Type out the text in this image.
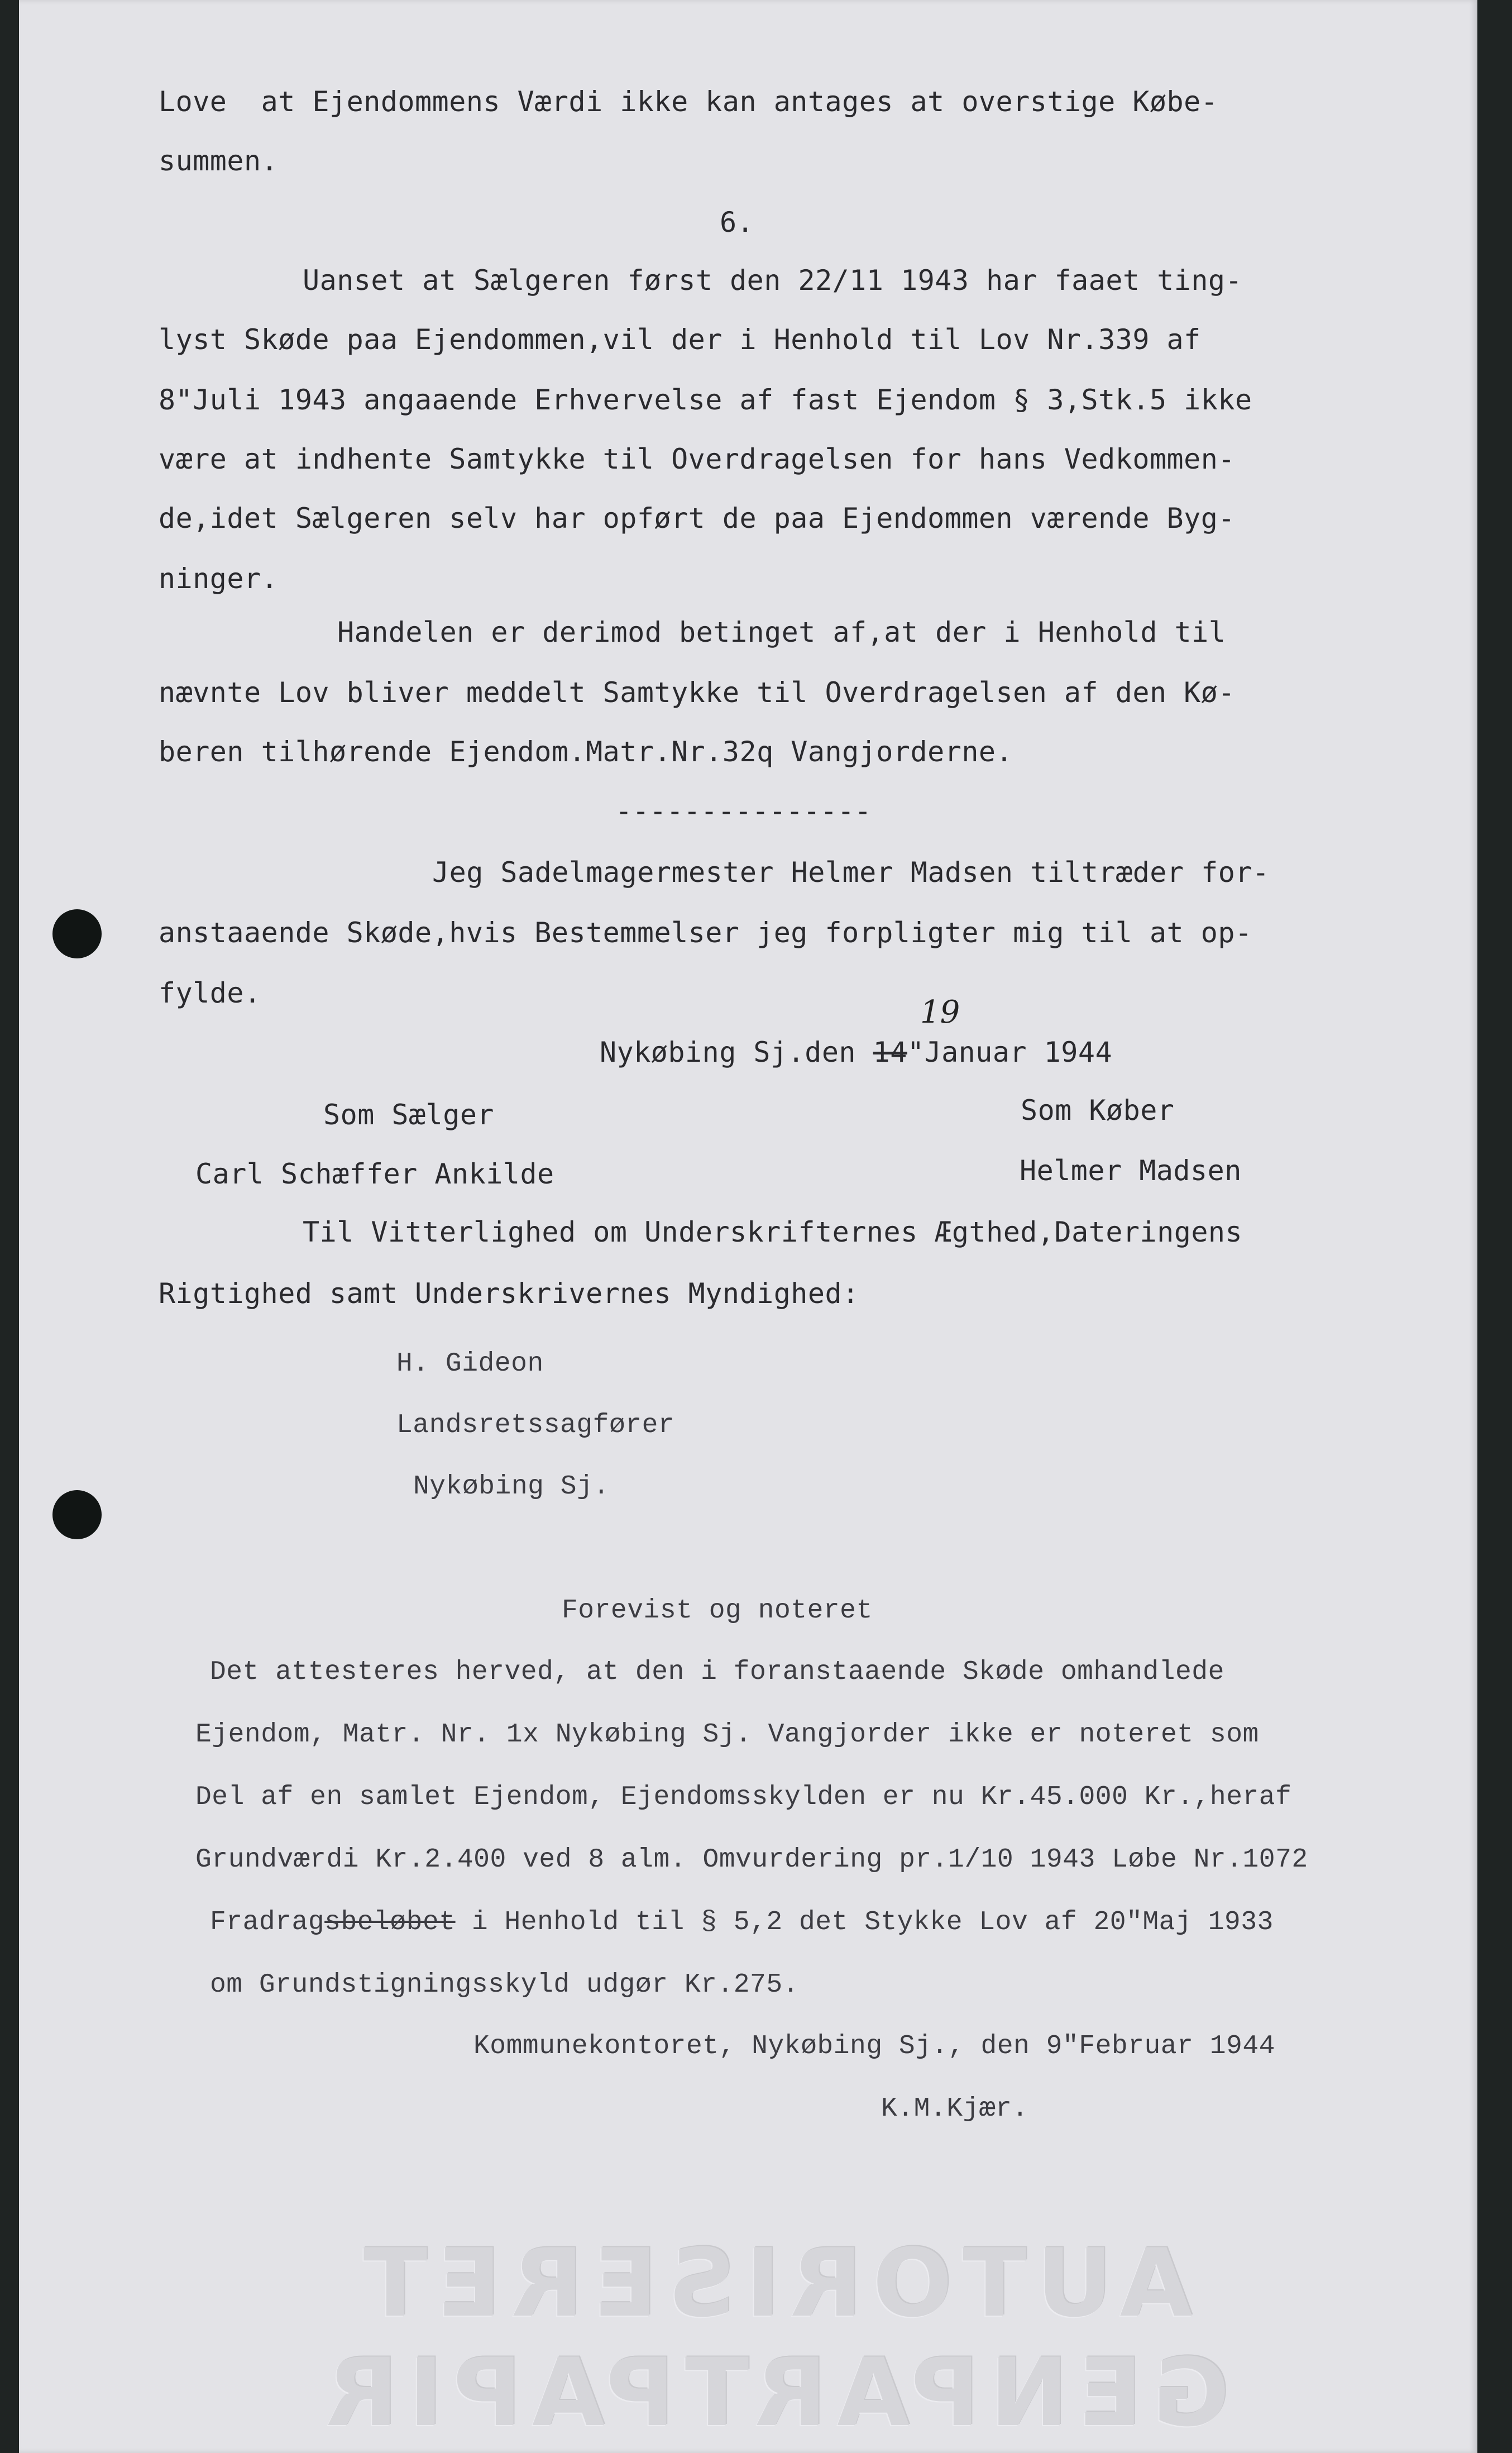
Love  at Ejendommens Værdi ikke kan antages at overstige Købe-

summen.

6.

Uanset at Sælgeren først den 22/11 1943 har faaet ting-

lyst Skøde paa Ejendommen,vil der i Henhold til Lov Nr.339 af

8"Juli 1943 angaaende Erhvervelse af fast Ejendom § 3,Stk.5 ikke

være at indhente Samtykke til Overdragelsen for hans Vedkommen-

de,idet Sælgeren selv har opført de paa Ejendommen værende Byg-

ninger.

Handelen er derimod betinget af,at der i Henhold til

nævnte Lov bliver meddelt Samtykke til Overdragelsen af den Kø-

beren tilhørende Ejendom.Matr.Nr.32q Vangjorderne.

---------------

Jeg Sadelmagermester Helmer Madsen tiltræder for-

anstaaende Skøde,hvis Bestemmelser jeg forpligter mig til at op-

fylde.

19

Nykøbing Sj.den 14"Januar 1944

Som Sælger	Som Køber

Carl Schæffer Ankilde	Helmer Madsen

Til Vitterlighed om Underskrifternes Ægthed,Dateringens

Rigtighed samt Underskrivernes Myndighed:

H. Gideon

Landsretssagfører

Nykøbing Sj.

Forevist og noteret

Det attesteres herved, at den i foranstaaende Skøde omhandlede

Ejendom, Matr. Nr. 1x Nykøbing Sj. Vangjorder ikke er noteret som

Del af en samlet Ejendom, Ejendomsskylden er nu Kr.45.000 Kr.,heraf

Grundværdi Kr.2.400 ved 8 alm. Omvurdering pr.1/10 1943 Løbe Nr.1072

Fradragsbeløbet i Henhold til § 5,2 det Stykke Lov af 20"Maj 1933

om Grundstigningsskyld udgør Kr.275.

Kommunekontoret, Nykøbing Sj., den 9"Februar 1944

K.M.Kjær.

AUTORISERET GENPARTPAPIR
